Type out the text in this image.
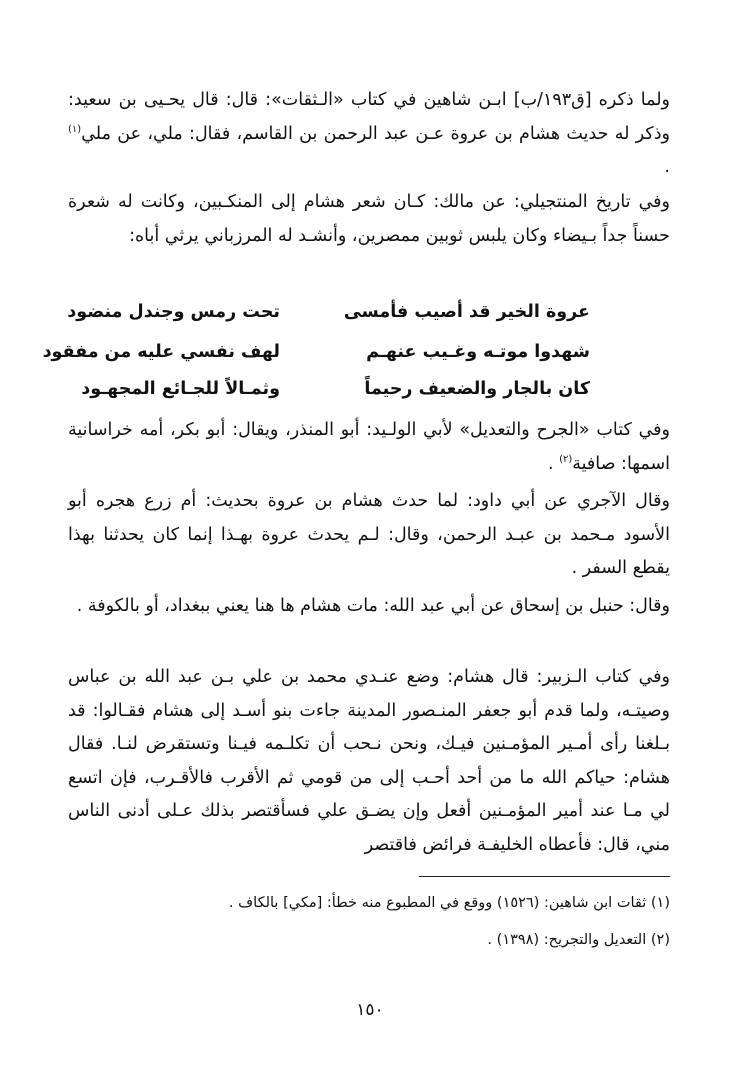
ولما ذكره [ق١٩٣/ب] ابـن شاهين في كتاب «الـثقات»: قال: قال يحـيى بن سعيد: وذكر له حديث هشام بن عروة عـن عبد الرحمن بن القاسم، فقال: ملي، عن ملي$^{(١)}$ .

وفي تاريخ المنتجيلي: عن مالك: كـان شعر هشام إلى المنكـبين، وكانت له شعرة حسناً جداً بـيضاء وكان يلبس ثوبين ممصرين، وأنشـد له المرزباني يرثي أباه:

عروة الخير قد أصيب فأمسى
تحت رمس وجندل منضود
شهدوا موتـه وغـيب عنهـم
لهف نفسي عليه من مفقود
كان بالجار والضعيف رحيماً
وثمـالاً للجـائع المجهـود

وفي كتاب «الجرح والتعديل» لأبي الولـيد: أبو المنذر، ويقال: أبو بكر، أمه خراسانية اسمها: صافية$^{(٢)}$ .

وقال الآجري عن أبي داود: لما حدث هشام بن عروة بحديث: أم زرع هجره أبو الأسود مـحمد بن عبـد الرحمن، وقال: لـم يحدث عروة بهـذا إنما كان يحدثنا بهذا يقطع السفر .

وقال: حنبل بن إسحاق عن أبي عبد الله: مات هشام ها هنا يعني ببغداد، أو بالكوفة .

وفي كتاب الـزبير: قال هشام: وضع عنـدي محمد بن علي بـن عبد الله بن عباس وصيتـه، ولما قدم أبو جعفر المنـصور المدينة جاءت بنو أسـد إلى هشام فقـالوا: قد بـلغنا رأى أمـير المؤمـنين فيـك، ونحن نـحب أن تكلـمه فيـنا وتستقرض لنـا. فقال هشام: حياكم الله ما من أحد أحـب إلى من قومي ثم الأقرب فالأقـرب، فإن اتسع لي مـا عند أمير المؤمـنين أفعل وإن يضـق علي فسأقتصر بذلك عـلى أدنى الناس مني، قال: فأعطاه الخليفـة فرائض فاقتصر

(١) ثقات ابن شاهين: (١٥٢٦) ووقع في المطبوع منه خطأ: [مكي] بالكاف .
(٢) التعديل والتجريح: (١٣٩٨) .
١٥٠
